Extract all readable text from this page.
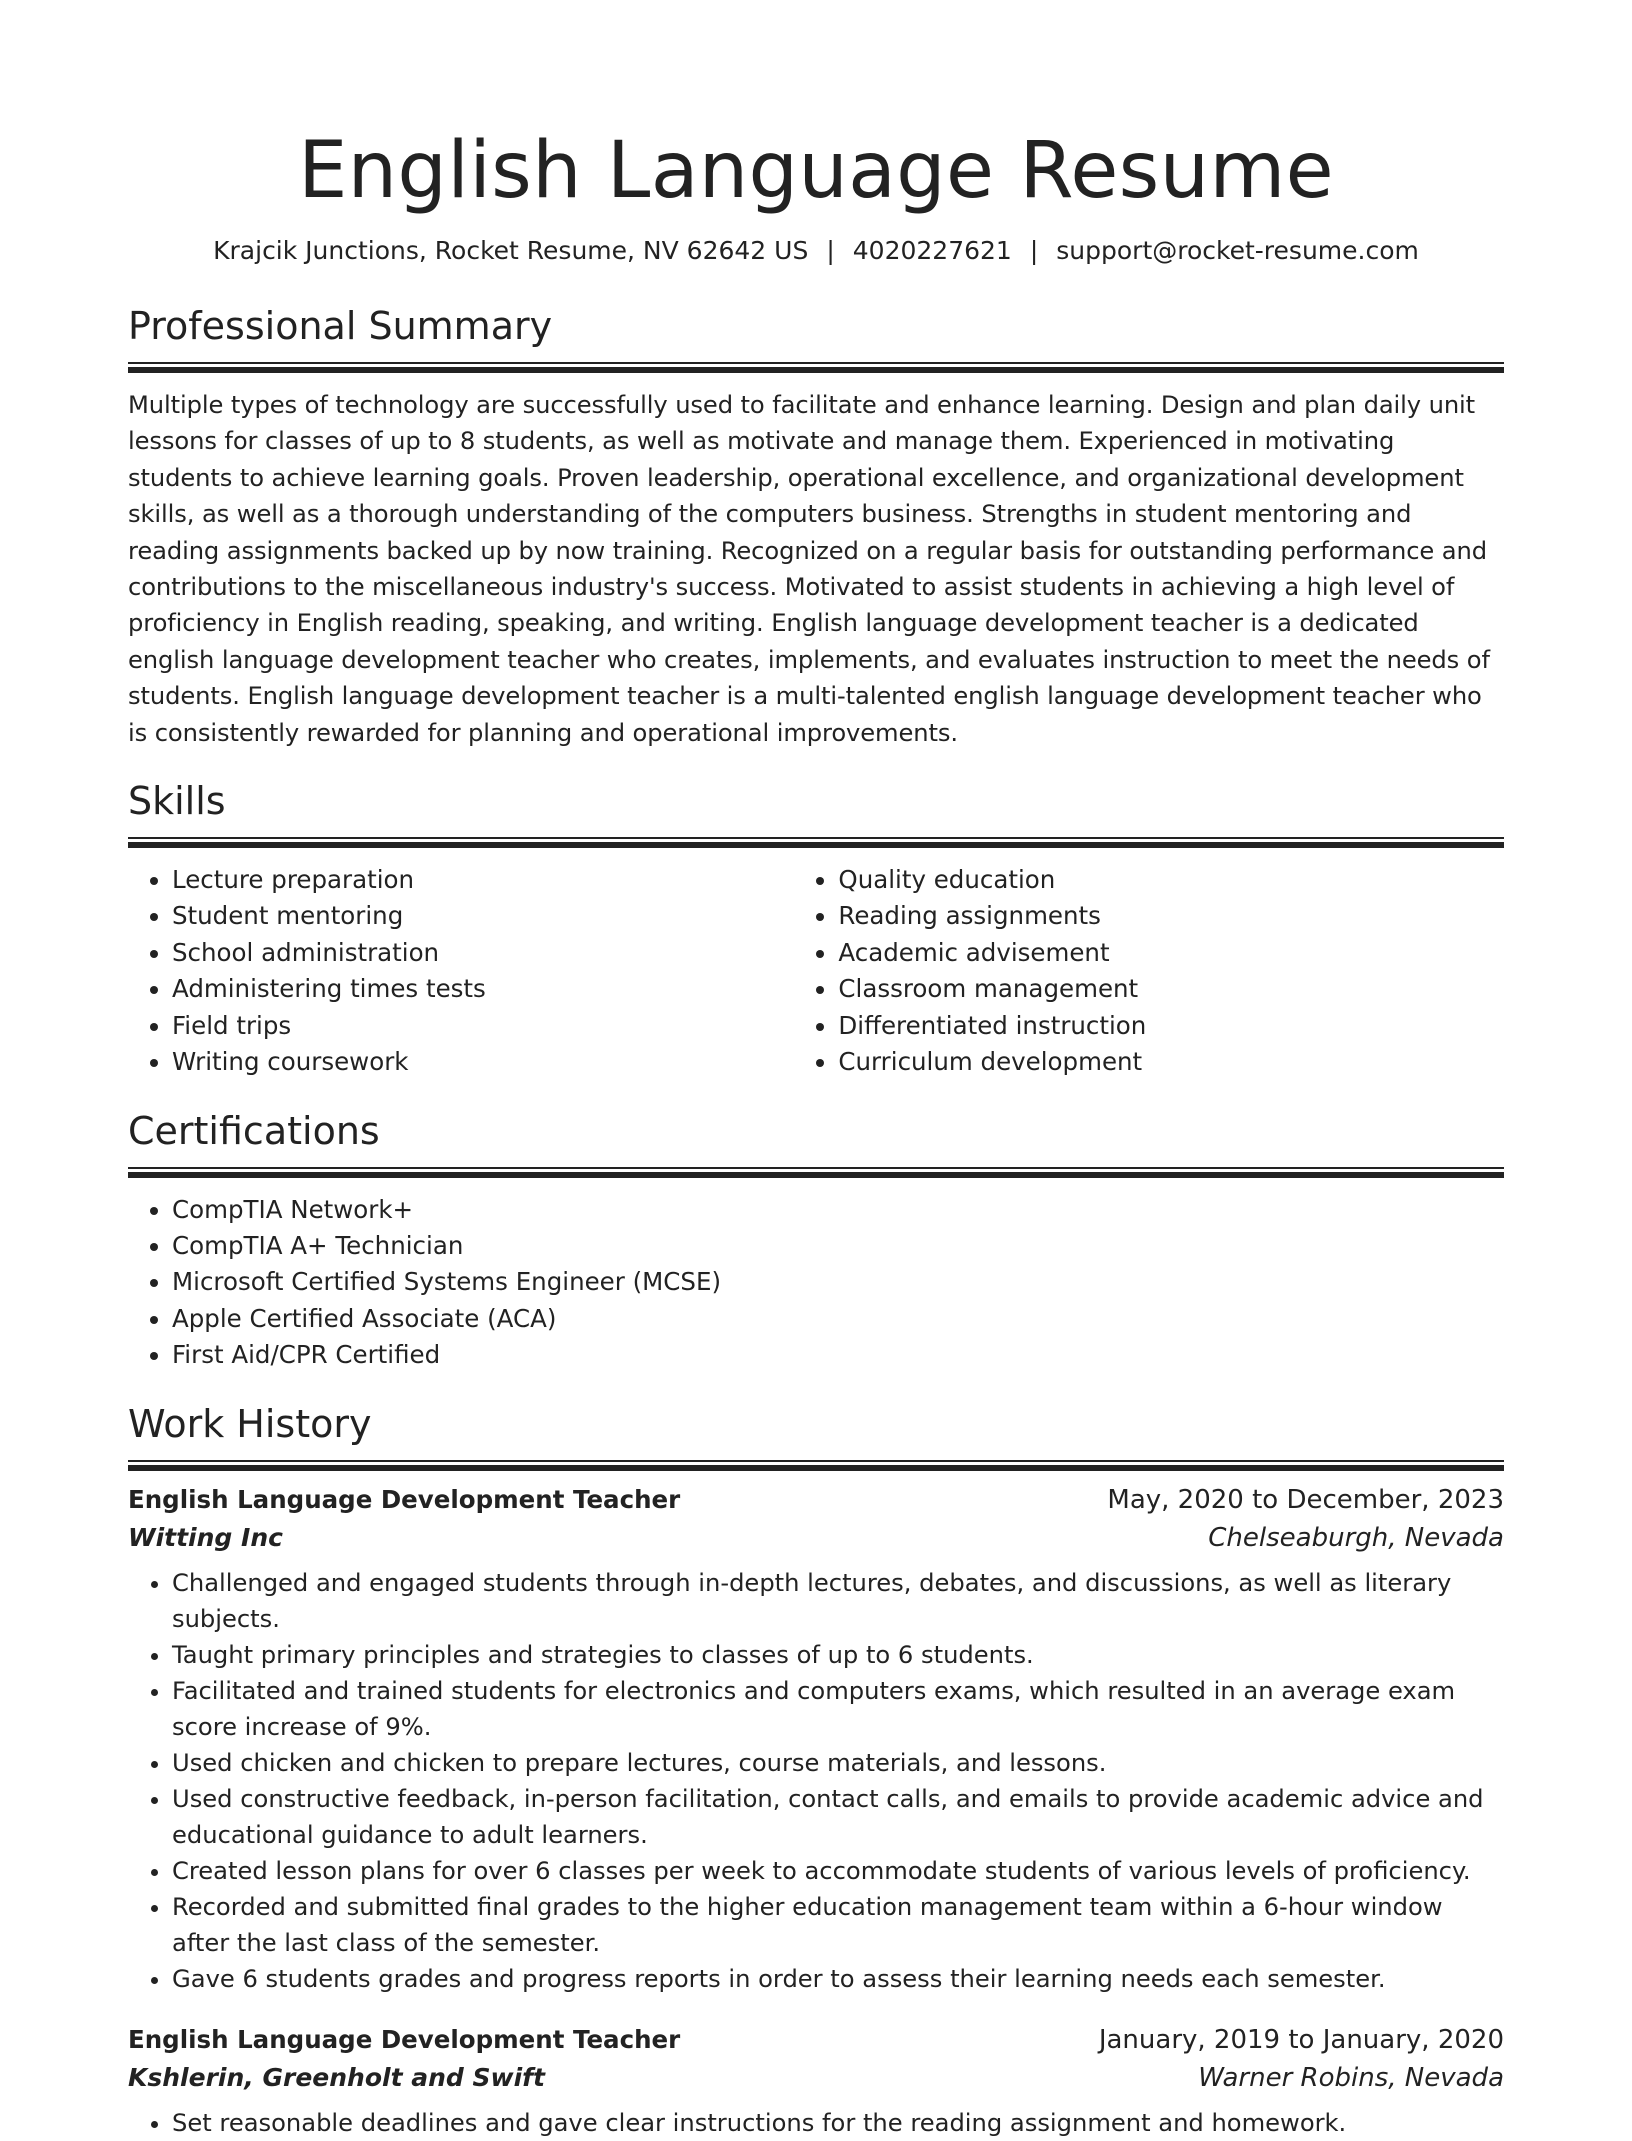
English Language Resume
Krajcik Junctions, Rocket Resume, NV 62642 US | 4020227621 | support@rocket-resume.com
Professional Summary
Multiple types of technology are successfully used to facilitate and enhance learning. Design and plan daily unit lessons for classes of up to 8 students, as well as motivate and manage them. Experienced in motivating students to achieve learning goals. Proven leadership, operational excellence, and organizational development skills, as well as a thorough understanding of the computers business. Strengths in student mentoring and reading assignments backed up by now training. Recognized on a regular basis for outstanding performance and contributions to the miscellaneous industry's success. Motivated to assist students in achieving a high level of proficiency in English reading, speaking, and writing. English language development teacher is a dedicated english language development teacher who creates, implements, and evaluates instruction to meet the needs of students. English language development teacher is a multi-talented english language development teacher who is consistently rewarded for planning and operational improvements.
Skills
• Lecture preparation
• Student mentoring
• School administration
• Administering times tests
• Field trips
• Writing coursework
• Quality education
• Reading assignments
• Academic advisement
• Classroom management
• Differentiated instruction
• Curriculum development
Certifications
• CompTIA Network+
• CompTIA A+ Technician
• Microsoft Certified Systems Engineer (MCSE)
• Apple Certified Associate (ACA)
• First Aid/CPR Certified
Work History
English Language Development Teacher	May, 2020 to December, 2023
Witting Inc	Chelseaburgh, Nevada
• Challenged and engaged students through in-depth lectures, debates, and discussions, as well as literary subjects.
• Taught primary principles and strategies to classes of up to 6 students.
• Facilitated and trained students for electronics and computers exams, which resulted in an average exam score increase of 9%.
• Used chicken and chicken to prepare lectures, course materials, and lessons.
• Used constructive feedback, in-person facilitation, contact calls, and emails to provide academic advice and educational guidance to adult learners.
• Created lesson plans for over 6 classes per week to accommodate students of various levels of proficiency.
• Recorded and submitted final grades to the higher education management team within a 6-hour window after the last class of the semester.
• Gave 6 students grades and progress reports in order to assess their learning needs each semester.
English Language Development Teacher	January, 2019 to January, 2020
Kshlerin, Greenholt and Swift	Warner Robins, Nevada
• Set reasonable deadlines and gave clear instructions for the reading assignment and homework.
